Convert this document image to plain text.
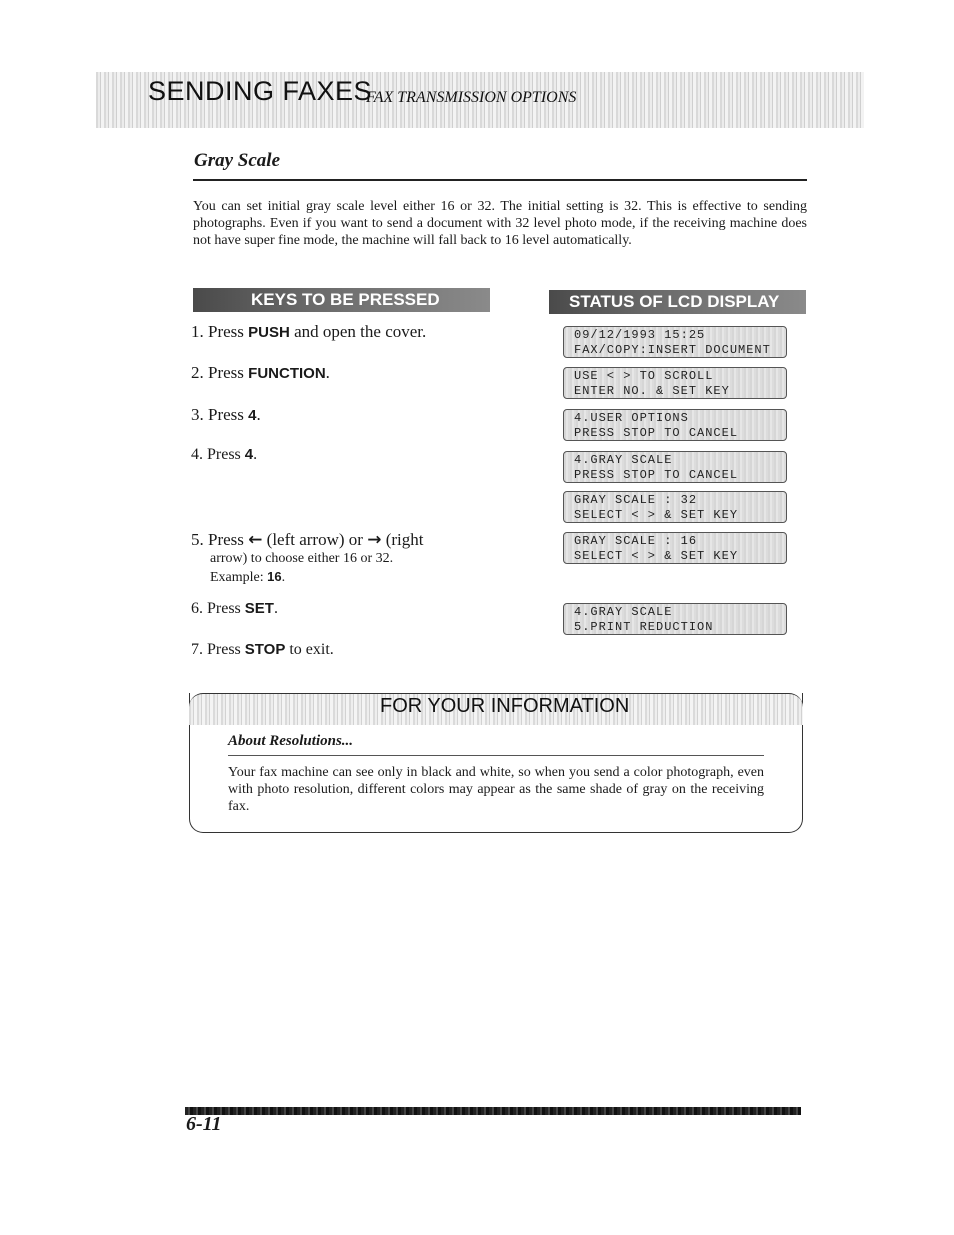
SENDING FAXES
FAX TRANSMISSION OPTIONS
Gray Scale

You can set initial gray scale level either 16 or 32. The initial setting is 32. This is effective to sending photographs. Even if you want to send a document with 32 level photo mode, if the receiving machine does not have super fine mode, the machine will fall back to 16 level automatically.

KEYS TO BE PRESSED	STATUS OF LCD DISPLAY
1. Press PUSH and open the cover.
2. Press FUNCTION.
3. Press 4.
4. Press 4.
5. Press ← (left arrow) or → (right
arrow) to choose either 16 or 32.
Example: 16.
6. Press SET.
7. Press STOP to exit.
09/12/1993 15:25
FAX/COPY:INSERT DOCUMENT
USE < > TO SCROLL
ENTER NO. & SET KEY
4.USER OPTIONS
PRESS STOP TO CANCEL
4.GRAY SCALE
PRESS STOP TO CANCEL
GRAY SCALE : 32
SELECT < > & SET KEY
GRAY SCALE : 16
SELECT < > & SET KEY
4.GRAY SCALE
5.PRINT REDUCTION
FOR YOUR INFORMATION
About Resolutions...

Your fax machine can see only in black and white, so when you send a color photograph, even with photo resolution, different colors may appear as the same shade of gray on the receiving fax.

6-11
